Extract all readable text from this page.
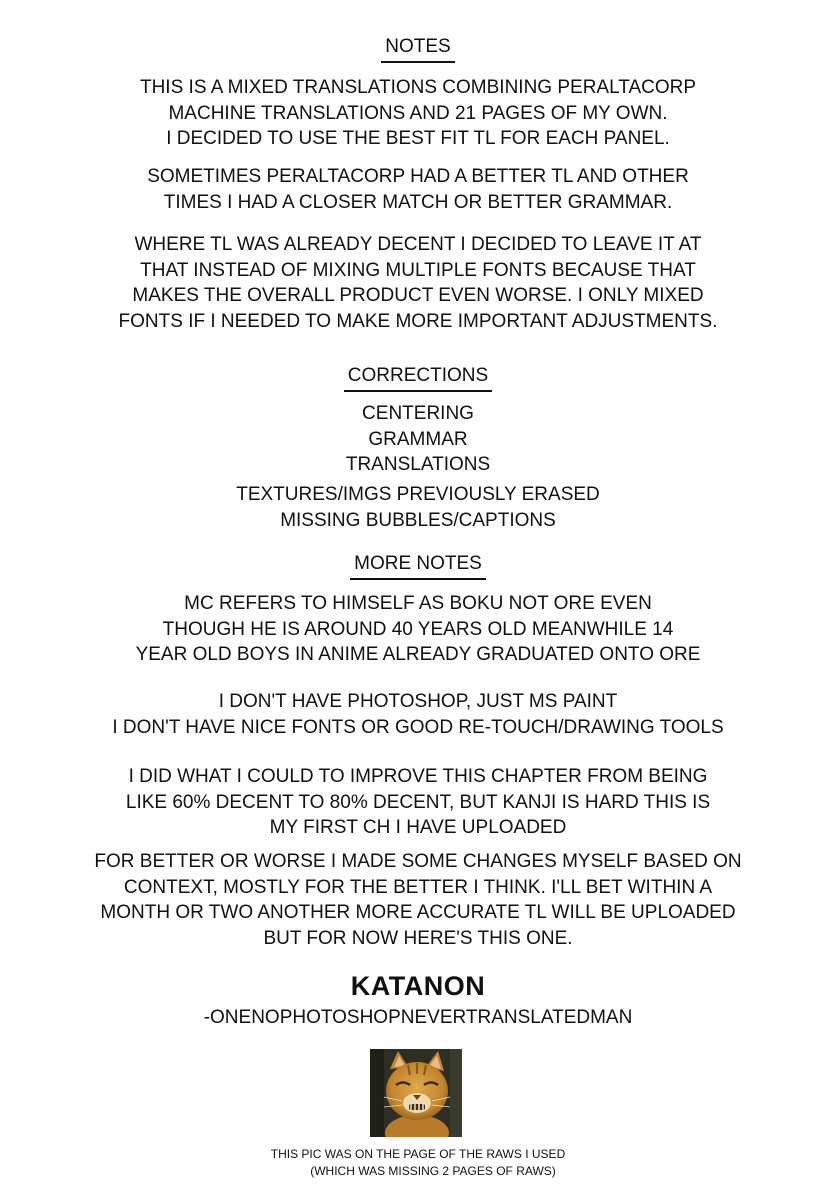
NOTES
THIS IS A MIXED TRANSLATIONS COMBINING PERALTACORP
MACHINE TRANSLATIONS AND 21 PAGES OF MY OWN.
I DECIDED TO USE THE BEST FIT TL FOR EACH PANEL.
SOMETIMES PERALTACORP HAD A BETTER TL AND OTHER
TIMES I HAD A CLOSER MATCH OR BETTER GRAMMAR.
WHERE TL WAS ALREADY DECENT I DECIDED TO LEAVE IT AT
THAT INSTEAD OF MIXING MULTIPLE FONTS BECAUSE THAT
MAKES THE OVERALL PRODUCT EVEN WORSE. I ONLY MIXED
FONTS IF I NEEDED TO MAKE MORE IMPORTANT ADJUSTMENTS.
CORRECTIONS
CENTERING
GRAMMAR
TRANSLATIONS
TEXTURES/IMGS PREVIOUSLY ERASED
MISSING BUBBLES/CAPTIONS
MORE NOTES
MC REFERS TO HIMSELF AS BOKU NOT ORE EVEN
THOUGH HE IS AROUND 40 YEARS OLD MEANWHILE 14
YEAR OLD BOYS IN ANIME ALREADY GRADUATED ONTO ORE
I DON'T HAVE PHOTOSHOP, JUST MS PAINT
I DON'T HAVE NICE FONTS OR GOOD RE-TOUCH/DRAWING TOOLS
I DID WHAT I COULD TO IMPROVE THIS CHAPTER FROM BEING
LIKE 60% DECENT TO 80% DECENT, BUT KANJI IS HARD THIS IS
MY FIRST CH I HAVE UPLOADED
FOR BETTER OR WORSE I MADE SOME CHANGES MYSELF BASED ON
CONTEXT, MOSTLY FOR THE BETTER I THINK. I'LL BET WITHIN A
MONTH OR TWO ANOTHER MORE ACCURATE TL WILL BE UPLOADED
BUT FOR NOW HERE'S THIS ONE.
KATANON
-ONENOPHOTOSHOPNEVERTRANSLATEDMAN
THIS PIC WAS ON THE PAGE OF THE RAWS I USED
(WHICH WAS MISSING 2 PAGES OF RAWS)
